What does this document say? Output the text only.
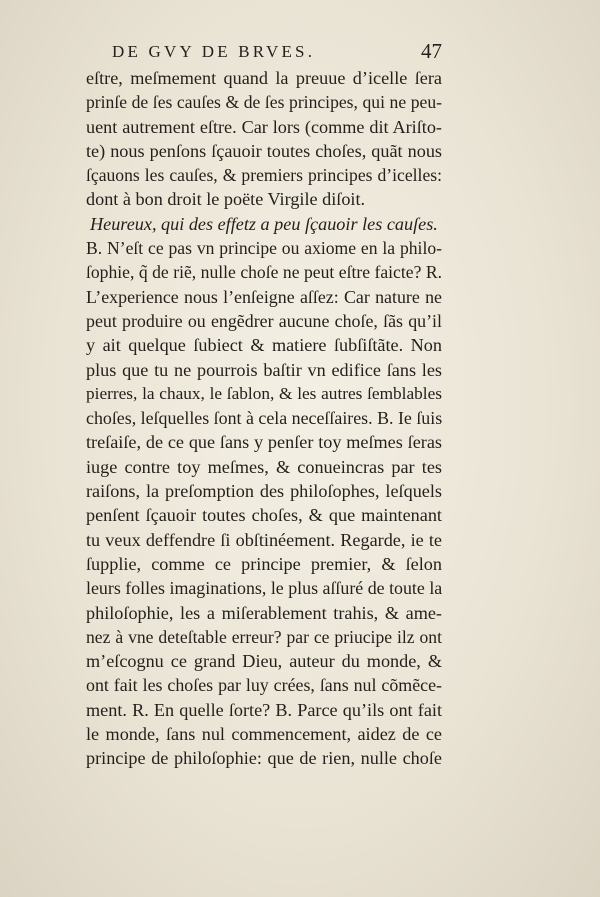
DE GVY DE BRVES.	47
eſtre, meſmement quand la preuue d’icelle ſera
prinſe de ſes cauſes & de ſes principes, qui ne peu-
uent autrement eſtre. Car lors (comme dit Ariſto-
te) nous penſons ſçauoir toutes choſes, quãt nous
ſçauons les cauſes, & premiers principes d’icelles:
dont à bon droit le poëte Virgile diſoit.
Heureux, qui des effetz a peu ſçauoir les cauſes.
B. N’eſt ce pas vn principe ou axiome en la philo-
ſophie, q̃ de riẽ, nulle choſe ne peut eſtre faicte? R.
L’experience nous l’enſeigne aſſez: Car nature ne
peut produire ou engẽdrer aucune choſe, ſãs qu’il
y ait quelque ſubiect & matiere ſubſiſtãte. Non
plus que tu ne pourrois baſtir vn edifice ſans les
pierres, la chaux, le ſablon, & les autres ſemblables
choſes, leſquelles ſont à cela neceſſaires. B. Ie ſuis
treſaiſe, de ce que ſans y penſer toy meſmes ſeras
iuge contre toy meſmes, & conueincras par tes
raiſons, la preſomption des philoſophes, leſquels
penſent ſçauoir toutes choſes, & que maintenant
tu veux deffendre ſi obſtinéement. Regarde, ie te
ſupplie, comme ce principe premier, & ſelon
leurs folles imaginations, le plus aſſuré de toute la
philoſophie, les a miſerablement trahis, & ame-
nez à vne deteſtable erreur? par ce priucipe ilz ont
m’eſcognu ce grand Dieu, auteur du monde, &
ont fait les choſes par luy crées, ſans nul cõmẽce-
ment. R. En quelle ſorte? B. Parce qu’ils ont fait
le monde, ſans nul commencement, aidez de ce
principe de philoſophie: que de rien, nulle choſe
